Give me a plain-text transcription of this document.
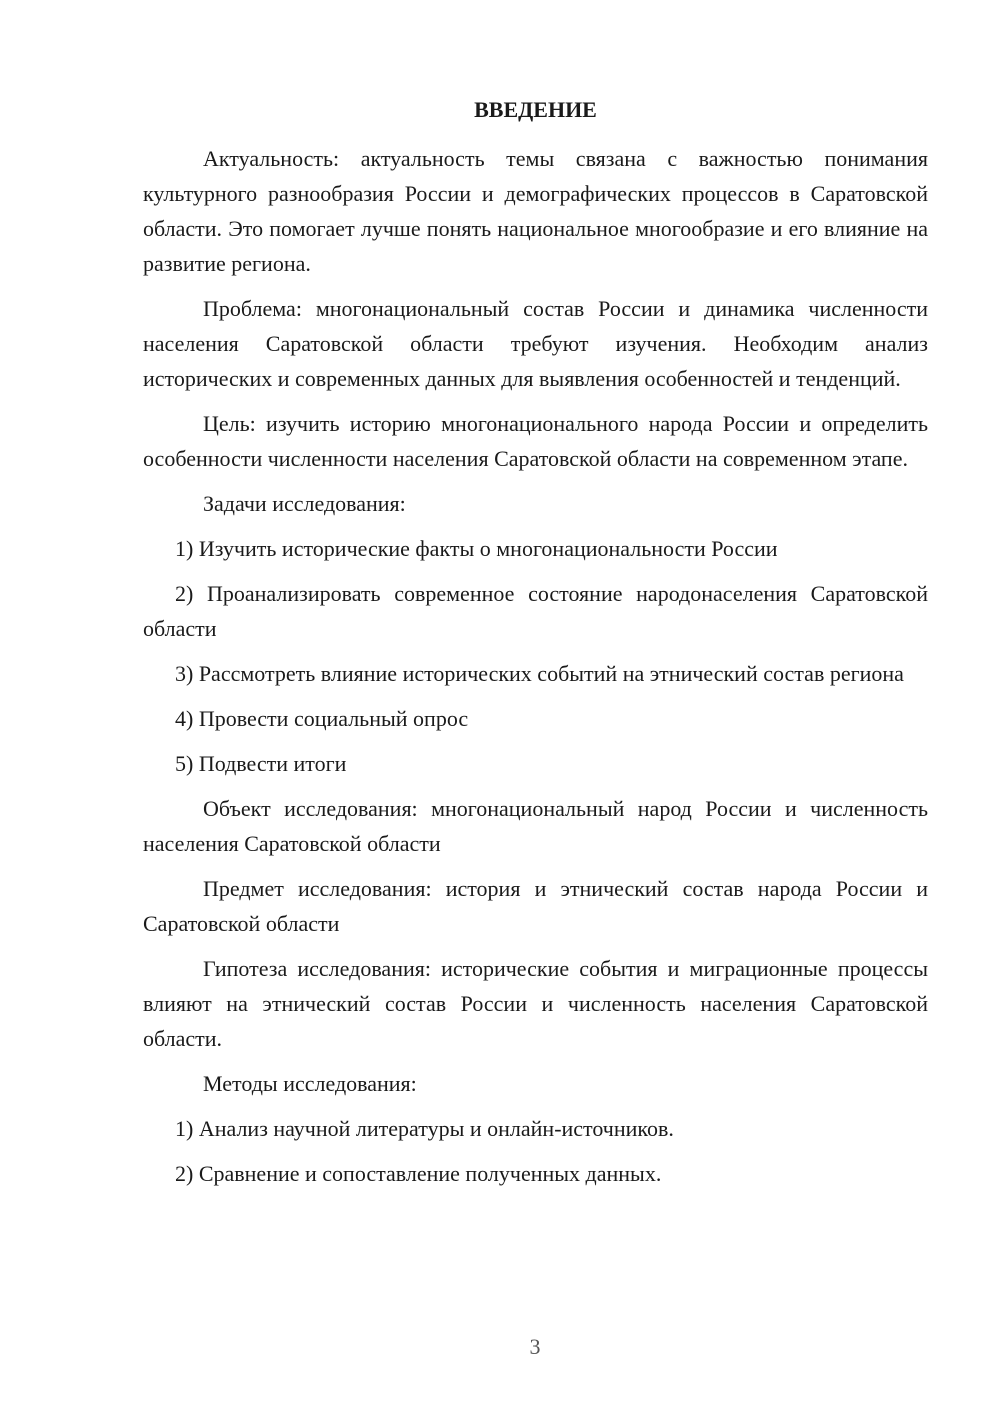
ВВЕДЕНИЕ

Актуальность: актуальность темы связана с важностью понимания культурного разнообразия России и демографических процессов в Саратовской области. Это помогает лучше понять национальное многообразие и его влияние на развитие региона.

Проблема: многонациональный состав России и динамика численности населения Саратовской области требуют изучения. Необходим анализ исторических и современных данных для выявления особенностей и тенденций.

Цель: изучить историю многонационального народа России и определить особенности численности населения Саратовской области на современном этапе.

Задачи исследования:

1) Изучить исторические факты о многонациональности России

2) Проанализировать современное состояние народонаселения Саратовской области

3) Рассмотреть влияние исторических событий на этнический состав региона

4) Провести социальный опрос

5) Подвести итоги

Объект исследования: многонациональный народ России и численность населения Саратовской области

Предмет исследования: история и этнический состав народа России и Саратовской области

Гипотеза исследования: исторические события и миграционные процессы влияют на этнический состав России и численность населения Саратовской области.

Методы исследования:

1) Анализ научной литературы и онлайн-источников.

2) Сравнение и сопоставление полученных данных.

3
